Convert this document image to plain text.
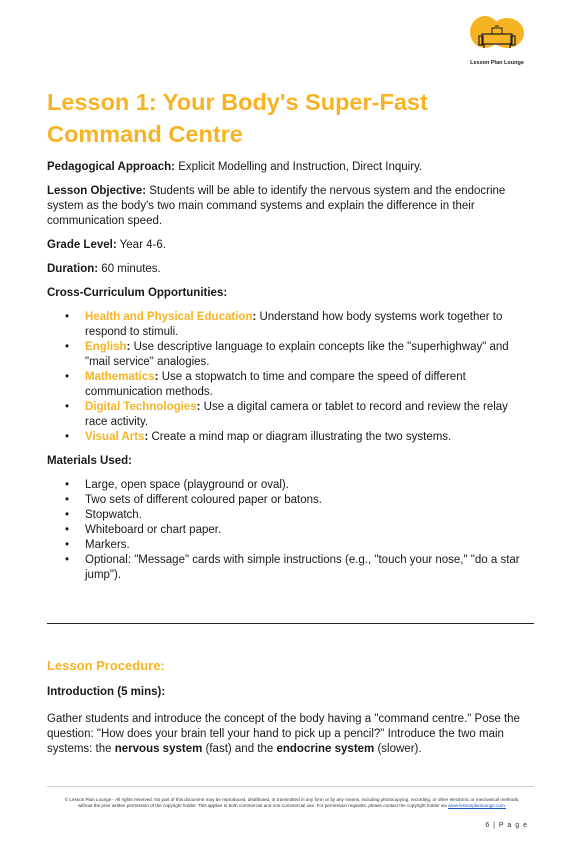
Lesson Plan Lounge
Lesson 1: Your Body's Super-Fast
Command Centre

Pedagogical Approach: Explicit Modelling and Instruction, Direct Inquiry.

Lesson Objective: Students will be able to identify the nervous system and the endocrine system as the body's two main command systems and explain the difference in their communication speed.

Grade Level: Year 4-6.

Duration: 60 minutes.

Cross-Curriculum Opportunities:

• Health and Physical Education: Understand how body systems work together to respond to stimuli.
• English: Use descriptive language to explain concepts like the "superhighway" and "mail service" analogies.
• Mathematics: Use a stopwatch to time and compare the speed of different communication methods.
• Digital Technologies: Use a digital camera or tablet to record and review the relay race activity.
• Visual Arts: Create a mind map or diagram illustrating the two systems.

Materials Used:

• Large, open space (playground or oval).
• Two sets of different coloured paper or batons.
• Stopwatch.
• Whiteboard or chart paper.
• Markers.
• Optional: "Message" cards with simple instructions (e.g., "touch your nose," "do a star jump").
Lesson Procedure:

Introduction (5 mins):

Gather students and introduce the concept of the body having a "command centre." Pose the question: "How does your brain tell your hand to pick up a pencil?" Introduce the two main systems: the nervous system (fast) and the endocrine system (slower).

© Lesson Plan Lounge - All rights reserved. No part of this document may be reproduced, distributed, or transmitted in any form or by any means, including photocopying, recording, or other electronic or mechanical methods, without the prior written permission of the copyright holder. This applies to both commercial and non-commercial use. For permission requests, please contact the copyright holder via www.lessonplanlounge.com.
6 | P a g e
